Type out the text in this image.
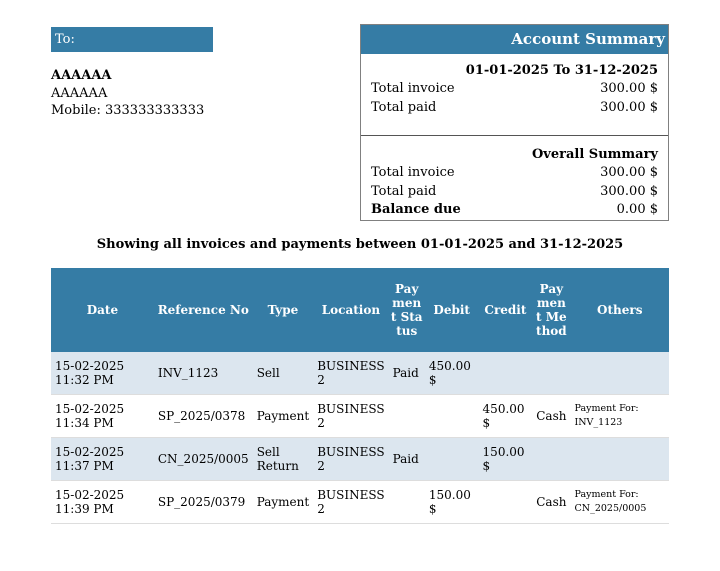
To:
AAAAAA
AAAAAA
Mobile: 333333333333
Account Summary
01-01-2025 To 31-12-2025
Total invoice	300.00 $
Total paid	300.00 $
Overall Summary
Total invoice	300.00 $
Total paid	300.00 $
Balance due	0.00 $
Showing all invoices and payments between 01-01-2025 and 31-12-2025
Date	Reference No	Type	Location	Payment Status	Debit	Credit	Payment Method	Others
15-02-2025 11:32 PM	INV_1123	Sell	BUSINESS 2	Paid	450.00 $			

15-02-2025 11:34 PM	SP_2025/0378	Payment	BUSINESS 2			450.00 $	Cash	Payment For:
INV_1123

15-02-2025 11:37 PM	CN_2025/0005	Sell Return	BUSINESS 2	Paid		150.00 $		

15-02-2025 11:39 PM	SP_2025/0379	Payment	BUSINESS 2		150.00 $		Cash	Payment For:
CN_2025/0005
